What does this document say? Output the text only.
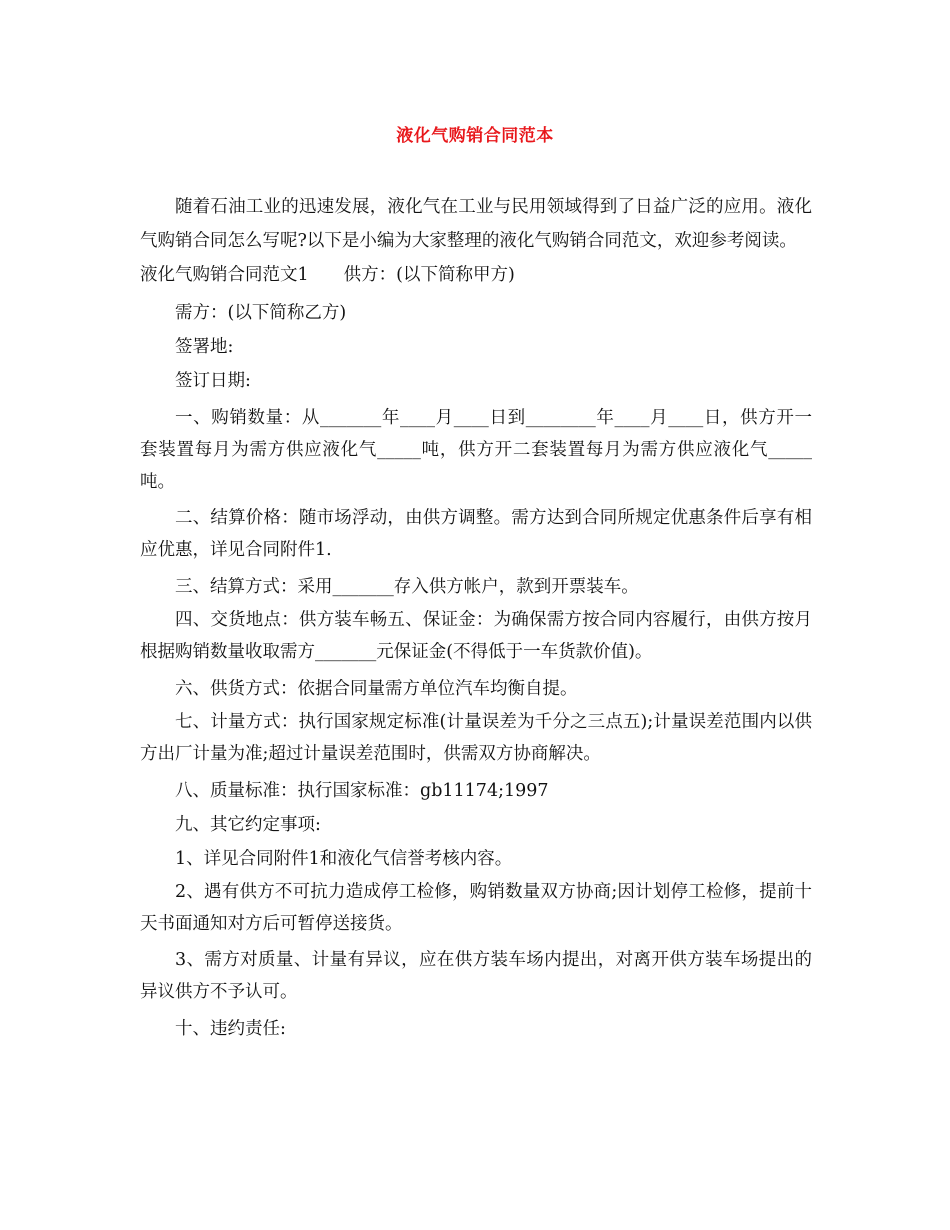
液化气购销合同范本

随着石油工业的迅速发展，液化气在工业与民用领域得到了日益广泛的应用。液化气购销合同怎么写呢?以下是小编为大家整理的液化气购销合同范文，欢迎参考阅读。

液化气购销合同范文1　　供方：(以下简称甲方)

需方：(以下简称乙方)

签署地:

签订日期:

一、购销数量：从_______年____月____日到________年____月____日，供方开一套装置每月为需方供应液化气_____吨，供方开二套装置每月为需方供应液化气_____吨。

二、结算价格：随市场浮动，由供方调整。需方达到合同所规定优惠条件后享有相应优惠，详见合同附件1.

三、结算方式：采用_______存入供方帐户，款到开票装车。

四、交货地点：供方装车畅五、保证金：为确保需方按合同内容履行，由供方按月根据购销数量收取需方_______元保证金(不得低于一车货款价值)。

六、供货方式：依据合同量需方单位汽车均衡自提。

七、计量方式：执行国家规定标准(计量误差为千分之三点五);计量误差范围内以供方出厂计量为准;超过计量误差范围时，供需双方协商解决。

八、质量标准：执行国家标准：gb11174;1997

九、其它约定事项:

1、详见合同附件1和液化气信誉考核内容。

2、遇有供方不可抗力造成停工检修，购销数量双方协商;因计划停工检修，提前十天书面通知对方后可暂停送接货。

3、需方对质量、计量有异议，应在供方装车场内提出，对离开供方装车场提出的异议供方不予认可。

十、违约责任:
